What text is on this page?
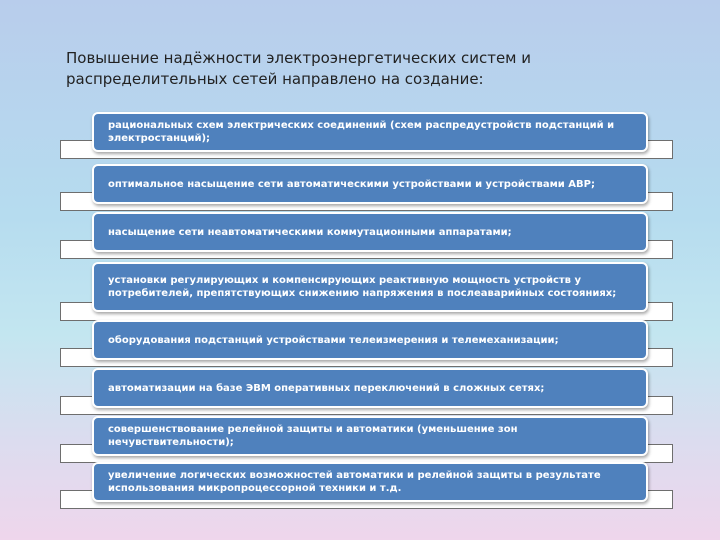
Повышение надёжности электроэнергетических систем и распределительных сетей направлено на создание:
рациональных схем электрических соединений (схем распредустройств подстанций и электростанций);
оптимальное насыщение сети автоматическими устройствами и устройствами АВР;
насыщение сети неавтоматическими коммутационными аппаратами;
установки регулирующих и компенсирующих реактивную мощность устройств у потребителей, препятствующих снижению напряжения в послеаварийных состояниях;
оборудования подстанций устройствами телеизмерения и телемеханизации;
автоматизации на базе ЭВМ оперативных переключений в сложных сетях;
совершенствование релейной защиты и автоматики (уменьшение зон нечувствительности);
увеличение логических возможностей автоматики и релейной защиты в результате использования микропроцессорной техники и т.д.
